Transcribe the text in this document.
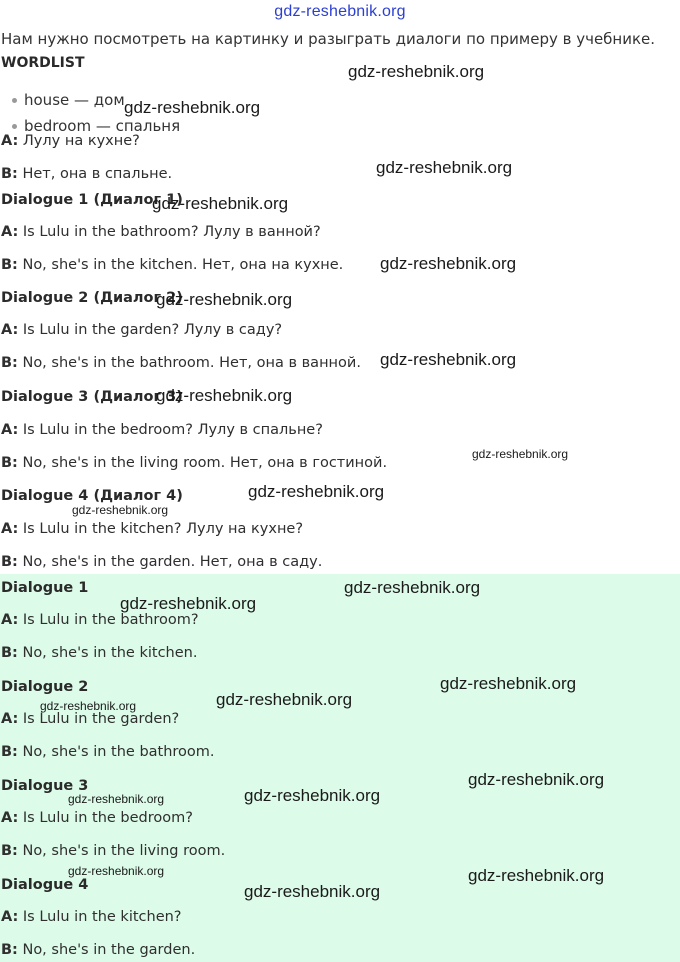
gdz-reshebnik.org
Нам нужно посмотреть на картинку и разыграть диалоги по примеру в учебнике.
WORDLIST
house — дом
bedroom — спальня
A: Лулу на кухне?
B: Нет, она в спальне.
Dialogue 1 (Диалог 1)
A: Is Lulu in the bathroom? Лулу в ванной?
B: No, she's in the kitchen. Нет, она на кухне.
Dialogue 2 (Диалог 2)
A: Is Lulu in the garden? Лулу в саду?
B: No, she's in the bathroom. Нет, она в ванной.
Dialogue 3 (Диалог 3)
A: Is Lulu in the bedroom? Лулу в спальне?
B: No, she's in the living room. Нет, она в гостиной.
Dialogue 4 (Диалог 4)
A: Is Lulu in the kitchen? Лулу на кухне?
B: No, she's in the garden. Нет, она в саду.
Dialogue 1
A: Is Lulu in the bathroom?
B: No, she's in the kitchen.
Dialogue 2
A: Is Lulu in the garden?
B: No, she's in the bathroom.
Dialogue 3
A: Is Lulu in the bedroom?
B: No, she's in the living room.
Dialogue 4
A: Is Lulu in the kitchen?
B: No, she's in the garden.
gdz-reshebnik.org
gdz-reshebnik.org
gdz-reshebnik.org
gdz-reshebnik.org
gdz-reshebnik.org
gdz-reshebnik.org
gdz-reshebnik.org
gdz-reshebnik.org
gdz-reshebnik.org
gdz-reshebnik.org
gdz-reshebnik.org
gdz-reshebnik.org
gdz-reshebnik.org
gdz-reshebnik.org
gdz-reshebnik.org
gdz-reshebnik.org
gdz-reshebnik.org
gdz-reshebnik.org
gdz-reshebnik.org
gdz-reshebnik.org	gdz-reshebnik.org
gdz-reshebnik.org
